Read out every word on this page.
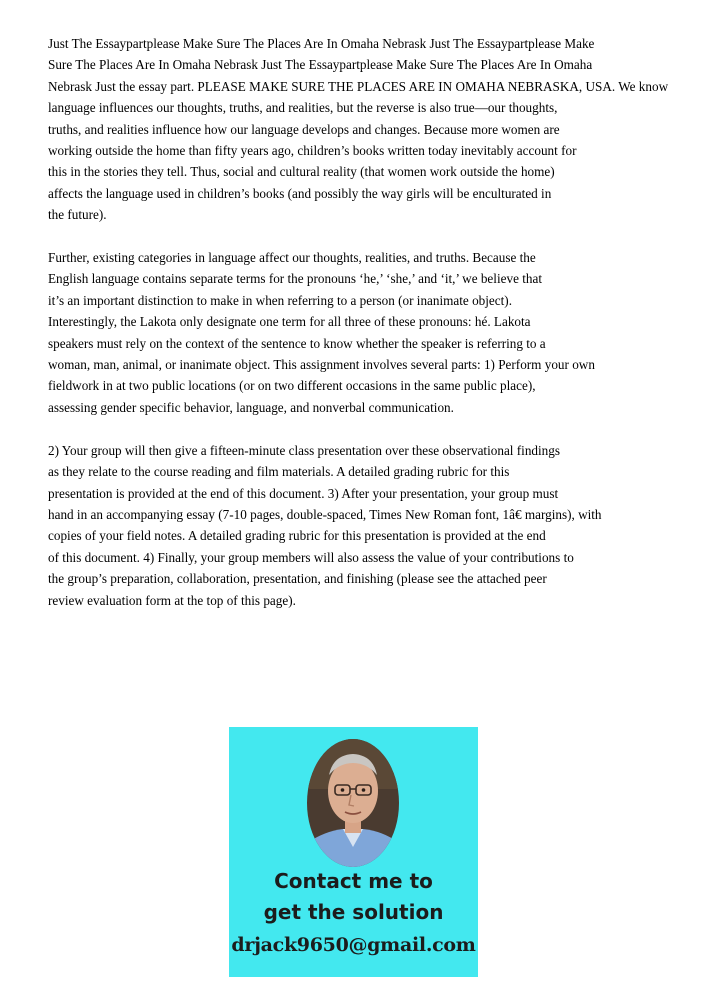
Just The Essaypartplease Make Sure The Places Are In Omaha Nebrask Just The Essaypartplease Make
Sure The Places Are In Omaha Nebrask Just The Essaypartplease Make Sure The Places Are In Omaha
Nebrask Just the essay part. PLEASE MAKE SURE THE PLACES ARE IN OMAHA NEBRASKA, USA. We know
language influences our thoughts, truths, and realities, but the reverse is also true—our thoughts,
truths, and realities influence how our language develops and changes. Because more women are
working outside the home than fifty years ago, children’s books written today inevitably account for
this in the stories they tell. Thus, social and cultural reality (that women work outside the home)
affects the language used in children’s books (and possibly the way girls will be enculturated in
the future).

Further, existing categories in language affect our thoughts, realities, and truths. Because the
English language contains separate terms for the pronouns ‘he,’ ‘she,’ and ‘it,’ we believe that
it’s an important distinction to make in when referring to a person (or inanimate object).
Interestingly, the Lakota only designate one term for all three of these pronouns: hé. Lakota
speakers must rely on the context of the sentence to know whether the speaker is referring to a
woman, man, animal, or inanimate object. This assignment involves several parts: 1) Perform your own
fieldwork in at two public locations (or on two different occasions in the same public place),
assessing gender specific behavior, language, and nonverbal communication.

2) Your group will then give a fifteen-minute class presentation over these observational findings
as they relate to the course reading and film materials. A detailed grading rubric for this
presentation is provided at the end of this document. 3) After your presentation, your group must
hand in an accompanying essay (7-10 pages, double-spaced, Times New Roman font, 1â€ margins), with
copies of your field notes. A detailed grading rubric for this presentation is provided at the end
of this document. 4) Finally, your group members will also assess the value of your contributions to
the group’s preparation, collaboration, presentation, and finishing (please see the attached peer
review evaluation form at the top of this page).

Contact me to
get the solution
drjack9650@gmail.com
